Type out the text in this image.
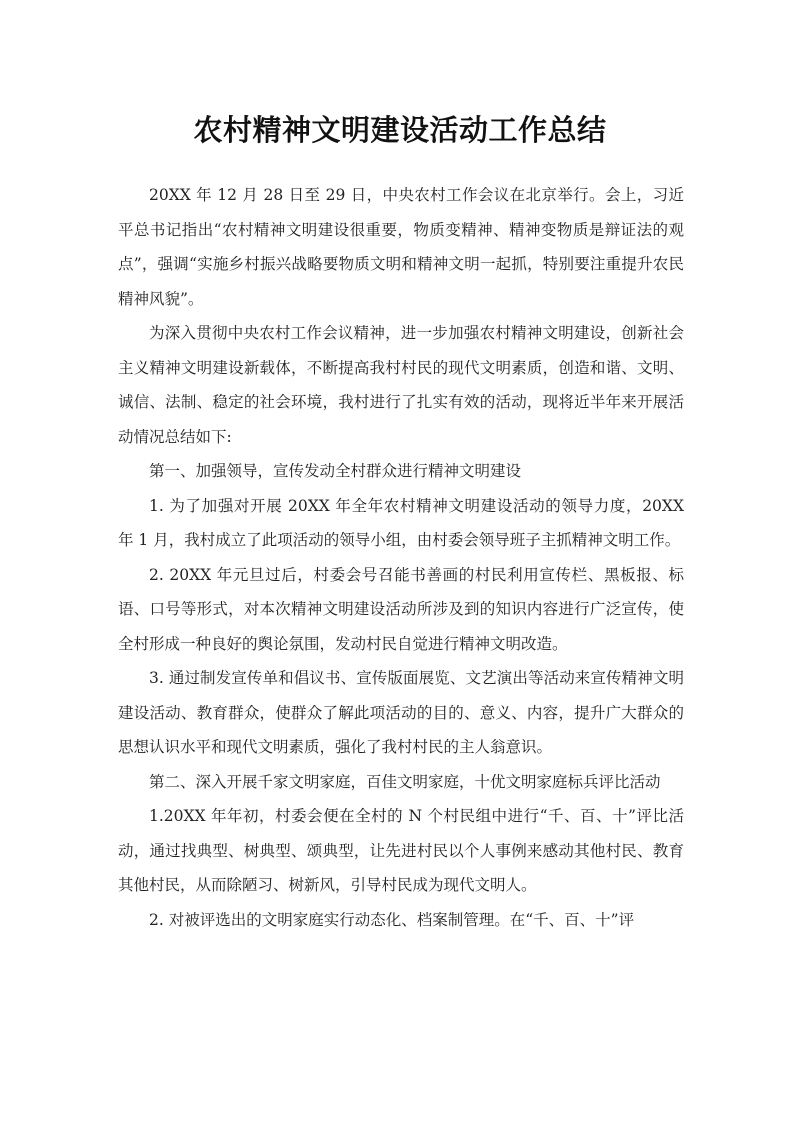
农村精神文明建设活动工作总结

20XX 年 12 月 28 日至 29 日，中央农村工作会议在北京举行。会上，习近平总书记指出“农村精神文明建设很重要，物质变精神、精神变物质是辩证法的观点”，强调“实施乡村振兴战略要物质文明和精神文明一起抓，特别要注重提升农民精神风貌”。

为深入贯彻中央农村工作会议精神，进一步加强农村精神文明建设，创新社会主义精神文明建设新载体，不断提高我村村民的现代文明素质，创造和谐、文明、诚信、法制、稳定的社会环境，我村进行了扎实有效的活动，现将近半年来开展活动情况总结如下:

第一、加强领导，宣传发动全村群众进行精神文明建设

1. 为了加强对开展 20XX 年全年农村精神文明建设活动的领导力度，20XX 年 1 月，我村成立了此项活动的领导小组，由村委会领导班子主抓精神文明工作。

2. 20XX 年元旦过后，村委会号召能书善画的村民利用宣传栏、黑板报、标语、口号等形式，对本次精神文明建设活动所涉及到的知识内容进行广泛宣传，使全村形成一种良好的舆论氛围，发动村民自觉进行精神文明改造。

3. 通过制发宣传单和倡议书、宣传版面展览、文艺演出等活动来宣传精神文明建设活动、教育群众，使群众了解此项活动的目的、意义、内容，提升广大群众的思想认识水平和现代文明素质，强化了我村村民的主人翁意识。

第二、深入开展千家文明家庭，百佳文明家庭，十优文明家庭标兵评比活动

1.20XX 年年初，村委会便在全村的 N 个村民组中进行“千、百、十”评比活动，通过找典型、树典型、颂典型，让先进村民以个人事例来感动其他村民、教育其他村民，从而除陋习、树新风，引导村民成为现代文明人。

2. 对被评选出的文明家庭实行动态化、档案制管理。在“千、百、十”评
